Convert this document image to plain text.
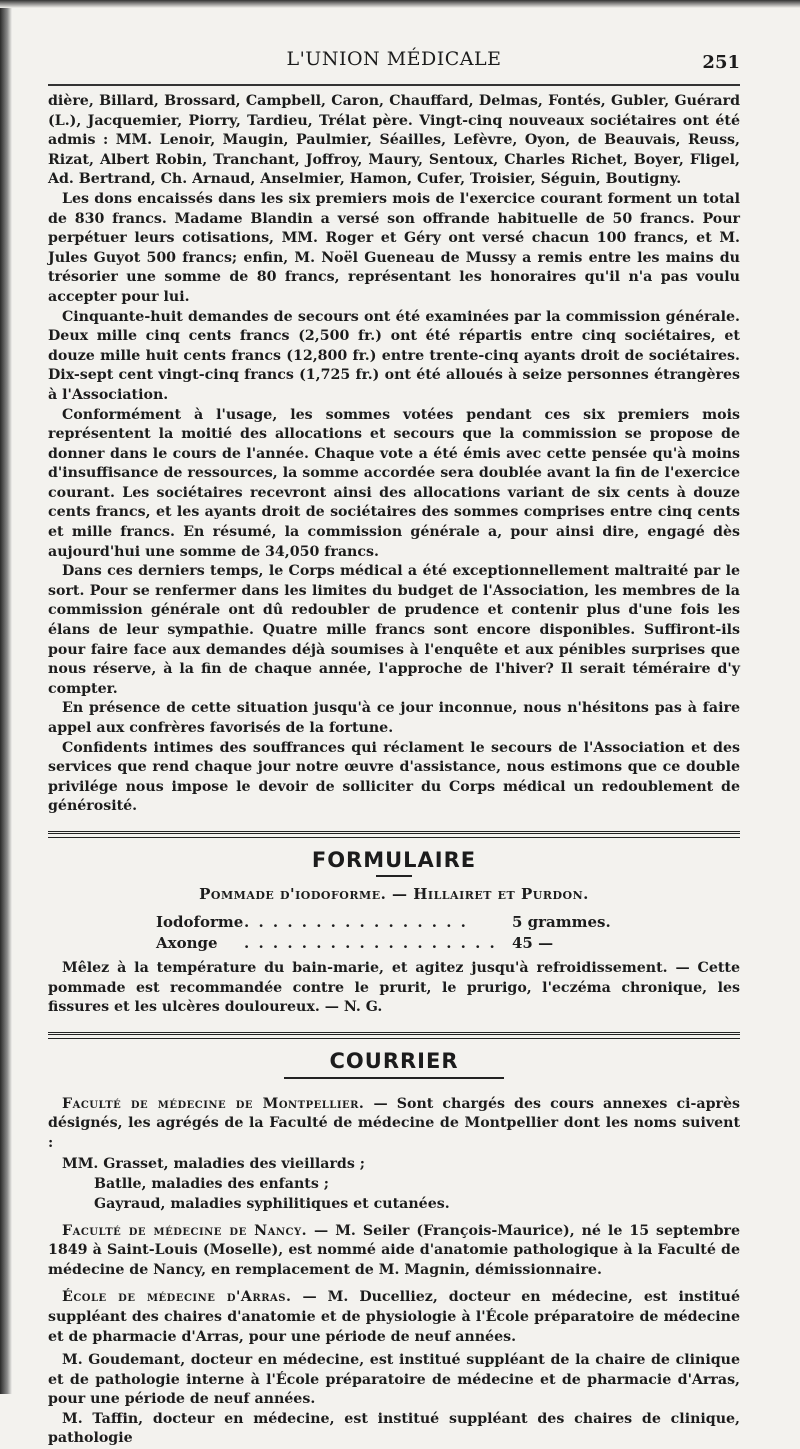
L'UNION MÉDICALE	251

dière, Billard, Brossard, Campbell, Caron, Chauffard, Delmas, Fontés, Gubler, Guérard (L.), Jacquemier, Piorry, Tardieu, Trélat père. Vingt-cinq nouveaux sociétaires ont été admis : MM. Lenoir, Maugin, Paulmier, Séailles, Lefèvre, Oyon, de Beauvais, Reuss, Rizat, Albert Robin, Tranchant, Joffroy, Maury, Sentoux, Charles Richet, Boyer, Fligel, Ad. Bertrand, Ch. Arnaud, Anselmier, Hamon, Cufer, Troisier, Séguin, Boutigny.

Les dons encaissés dans les six premiers mois de l'exercice courant forment un total de 830 francs. Madame Blandin a versé son offrande habituelle de 50 francs. Pour perpétuer leurs cotisations, MM. Roger et Géry ont versé chacun 100 francs, et M. Jules Guyot 500 francs; enfin, M. Noël Gueneau de Mussy a remis entre les mains du trésorier une somme de 80 francs, représentant les honoraires qu'il n'a pas voulu accepter pour lui.

Cinquante-huit demandes de secours ont été examinées par la commission générale. Deux mille cinq cents francs (2,500 fr.) ont été répartis entre cinq sociétaires, et douze mille huit cents francs (12,800 fr.) entre trente-cinq ayants droit de sociétaires. Dix-sept cent vingt-cinq francs (1,725 fr.) ont été alloués à seize personnes étrangères à l'Association.

Conformément à l'usage, les sommes votées pendant ces six premiers mois représentent la moitié des allocations et secours que la commission se propose de donner dans le cours de l'année. Chaque vote a été émis avec cette pensée qu'à moins d'insuffisance de ressources, la somme accordée sera doublée avant la fin de l'exercice courant. Les sociétaires recevront ainsi des allocations variant de six cents à douze cents francs, et les ayants droit de sociétaires des sommes comprises entre cinq cents et mille francs. En résumé, la commission générale a, pour ainsi dire, engagé dès aujourd'hui une somme de 34,050 francs.

Dans ces derniers temps, le Corps médical a été exceptionnellement maltraité par le sort. Pour se renfermer dans les limites du budget de l'Association, les membres de la commission générale ont dû redoubler de prudence et contenir plus d'une fois les élans de leur sympathie. Quatre mille francs sont encore disponibles. Suffiront-ils pour faire face aux demandes déjà soumises à l'enquête et aux pénibles surprises que nous réserve, à la fin de chaque année, l'approche de l'hiver? Il serait téméraire d'y compter.

En présence de cette situation jusqu'à ce jour inconnue, nous n'hésitons pas à faire appel aux confrères favorisés de la fortune.

Confidents intimes des souffrances qui réclament le secours de l'Association et des services que rend chaque jour notre œuvre d'assistance, nous estimons que ce double privilége nous impose le devoir de solliciter du Corps médical un redoublement de générosité.

FORMULAIRE
Pommade d'iodoforme. — Hillairet et Purdon.
Iodoforme . . . . . . . . . . . . . . . .	5 grammes.
Axonge . . . . . . . . . . . . . . . . . . 45 —

Mêlez à la température du bain-marie, et agitez jusqu'à refroidissement. — Cette pommade est recommandée contre le prurit, le prurigo, l'eczéma chronique, les fissures et les ulcères douloureux. — N. G.

COURRIER

Faculté de médecine de Montpellier. — Sont chargés des cours annexes ci-après désignés, les agrégés de la Faculté de médecine de Montpellier dont les noms suivent :

MM. Grasset, maladies des vieillards ;

Batlle, maladies des enfants ;

Gayraud, maladies syphilitiques et cutanées.

Faculté de médecine de Nancy. — M. Seiler (François-Maurice), né le 15 septembre 1849 à Saint-Louis (Moselle), est nommé aide d'anatomie pathologique à la Faculté de médecine de Nancy, en remplacement de M. Magnin, démissionnaire.

École de médecine d'Arras. — M. Ducelliez, docteur en médecine, est institué suppléant des chaires d'anatomie et de physiologie à l'École préparatoire de médecine et de pharmacie d'Arras, pour une période de neuf années.

M. Goudemant, docteur en médecine, est institué suppléant de la chaire de clinique et de pathologie interne à l'École préparatoire de médecine et de pharmacie d'Arras, pour une période de neuf années.

M. Taffin, docteur en médecine, est institué suppléant des chaires de clinique, pathologie
